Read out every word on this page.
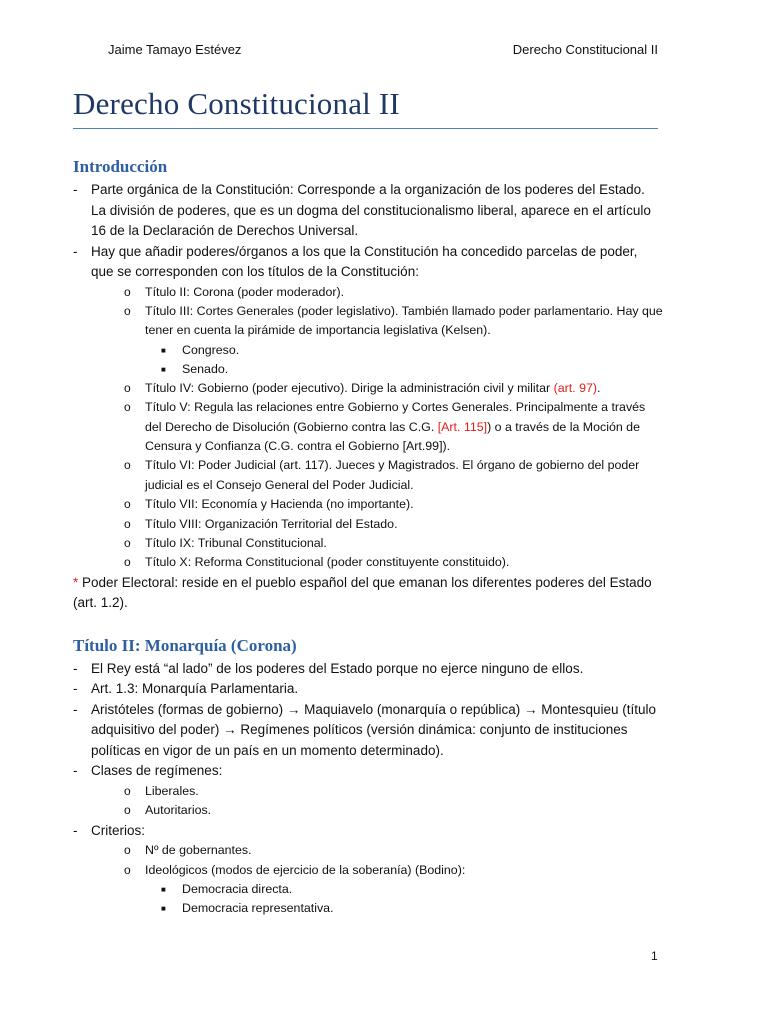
Jaime Tamayo Estévez	Derecho Constitucional II
Derecho Constitucional II
Introducción
- Parte orgánica de la Constitución: Corresponde a la organización de los poderes del Estado. La división de poderes, que es un dogma del constitucionalismo liberal, aparece en el artículo 16 de la Declaración de Derechos Universal.
- Hay que añadir poderes/órganos a los que la Constitución ha concedido parcelas de poder, que se corresponden con los títulos de la Constitución:
o Título II: Corona (poder moderador).
o Título III: Cortes Generales (poder legislativo). También llamado poder parlamentario. Hay que tener en cuenta la pirámide de importancia legislativa (Kelsen).
■ Congreso.
■ Senado.
o Título IV: Gobierno (poder ejecutivo). Dirige la administración civil y militar (art. 97).
o Título V: Regula las relaciones entre Gobierno y Cortes Generales. Principalmente a través del Derecho de Disolución (Gobierno contra las C.G. [Art. 115]) o a través de la Moción de Censura y Confianza (C.G. contra el Gobierno [Art.99]).
o Título VI: Poder Judicial (art. 117). Jueces y Magistrados. El órgano de gobierno del poder judicial es el Consejo General del Poder Judicial.
o Título VII: Economía y Hacienda (no importante).
o Título VIII: Organización Territorial del Estado.
o Título IX: Tribunal Constitucional.
o Título X: Reforma Constitucional (poder constituyente constituido).
* Poder Electoral: reside en el pueblo español del que emanan los diferentes poderes del Estado (art. 1.2).
Título II: Monarquía (Corona)
- El Rey está “al lado” de los poderes del Estado porque no ejerce ninguno de ellos.
- Art. 1.3: Monarquía Parlamentaria.
- Aristóteles (formas de gobierno) → Maquiavelo (monarquía o república) → Montesquieu (título adquisitivo del poder) → Regímenes políticos (versión dinámica: conjunto de instituciones políticas en vigor de un país en un momento determinado).
- Clases de regímenes:
o Liberales.
o Autoritarios.
- Criterios:
o Nº de gobernantes.
o Ideológicos (modos de ejercicio de la soberanía) (Bodino):
■ Democracia directa.
■ Democracia representativa.
1
